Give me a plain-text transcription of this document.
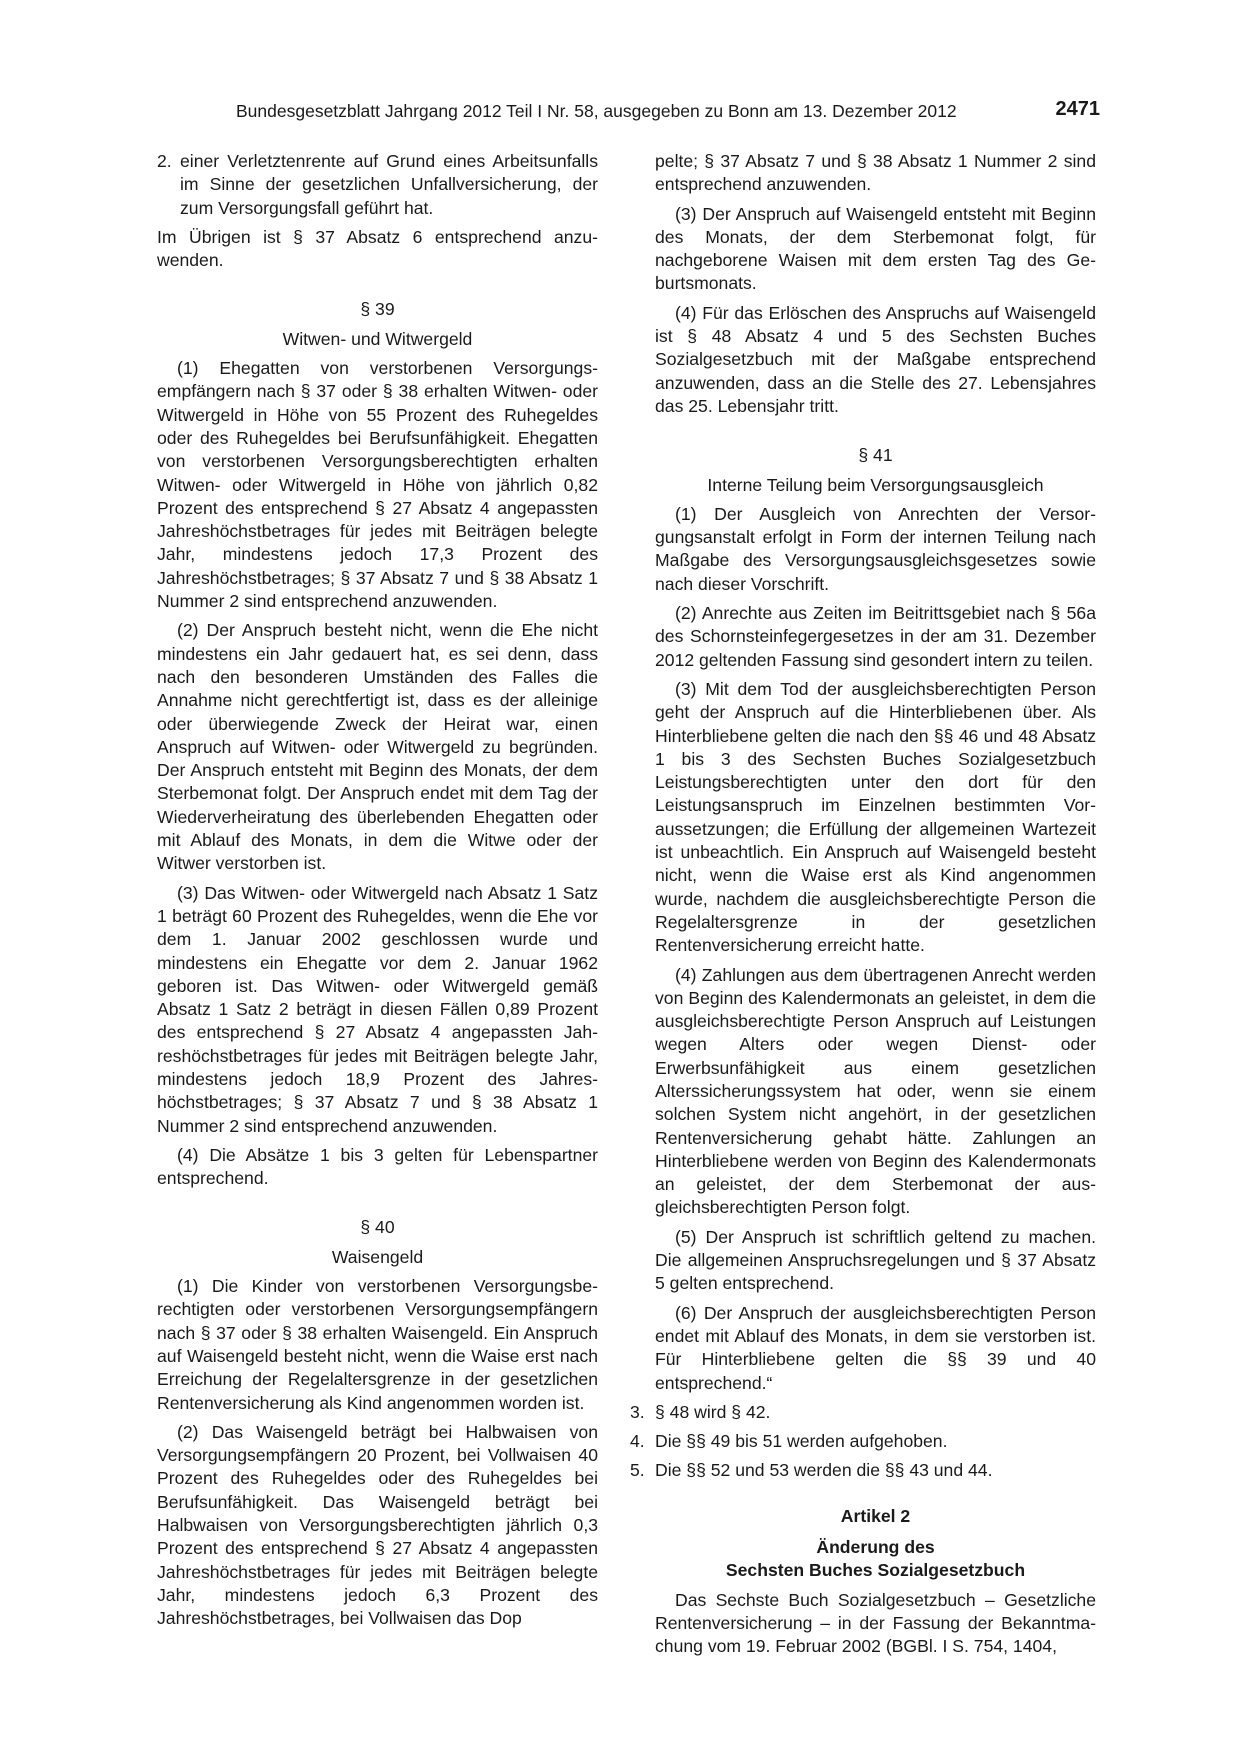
Bundesgesetzblatt Jahrgang 2012 Teil I Nr. 58, ausgegeben zu Bonn am 13. Dezember 2012	2471
2. einer Verletztenrente auf Grund eines Arbeitsunfalls im Sinne der gesetzlichen Unfallversicherung, der zum Versorgungsfall geführt hat.

Im Übrigen ist § 37 Absatz 6 entsprechend anzuwenden.

§ 39
Witwen- und Witwergeld

(1) Ehegatten von verstorbenen Versorgungsempfängern nach § 37 oder § 38 erhalten Witwen- oder Witwergeld in Höhe von 55 Prozent des Ruhegeldes oder des Ruhegeldes bei Berufsunfähigkeit. Ehegatten von verstorbenen Versorgungsberechtigten erhalten Witwen- oder Witwergeld in Höhe von jährlich 0,82 Prozent des entsprechend § 27 Absatz 4 angepassten Jahreshöchstbetrages für jedes mit Beiträgen belegte Jahr, mindestens jedoch 17,3 Prozent des Jahreshöchstbetrages; § 37 Absatz 7 und § 38 Absatz 1 Nummer 2 sind entsprechend anzuwenden.

(2) Der Anspruch besteht nicht, wenn die Ehe nicht mindestens ein Jahr gedauert hat, es sei denn, dass nach den besonderen Umständen des Falles die Annahme nicht gerechtfertigt ist, dass es der alleinige oder überwiegende Zweck der Heirat war, einen Anspruch auf Witwen- oder Witwergeld zu begründen. Der Anspruch entsteht mit Beginn des Monats, der dem Sterbemonat folgt. Der Anspruch endet mit dem Tag der Wiederverheiratung des überlebenden Ehegatten oder mit Ablauf des Monats, in dem die Witwe oder der Witwer verstorben ist.

(3) Das Witwen- oder Witwergeld nach Absatz 1 Satz 1 beträgt 60 Prozent des Ruhegeldes, wenn die Ehe vor dem 1. Januar 2002 geschlossen wurde und mindestens ein Ehegatte vor dem 2. Januar 1962 geboren ist. Das Witwen- oder Witwergeld gemäß Absatz 1 Satz 2 beträgt in diesen Fällen 0,89 Prozent des entsprechend § 27 Absatz 4 angepassten Jahreshöchstbetrages für jedes mit Beiträgen belegte Jahr, mindestens jedoch 18,9 Prozent des Jahreshöchstbetrages; § 37 Absatz 7 und § 38 Absatz 1 Nummer 2 sind entsprechend anzuwenden.

(4) Die Absätze 1 bis 3 gelten für Lebenspartner entsprechend.

§ 40
Waisengeld

(1) Die Kinder von verstorbenen Versorgungsberechtigten oder verstorbenen Versorgungsempfängern nach § 37 oder § 38 erhalten Waisengeld. Ein Anspruch auf Waisengeld besteht nicht, wenn die Waise erst nach Erreichung der Regelaltersgrenze in der gesetzlichen Rentenversicherung als Kind angenommen worden ist.

(2) Das Waisengeld beträgt bei Halbwaisen von Versorgungsempfängern 20 Prozent, bei Vollwaisen 40 Prozent des Ruhegeldes oder des Ruhegeldes bei Berufsunfähigkeit. Das Waisengeld beträgt bei Halbwaisen von Versorgungsberechtigten jährlich 0,3 Prozent des entsprechend § 27 Absatz 4 angepassten Jahreshöchstbetrages für jedes mit Beiträgen belegte Jahr, mindestens jedoch 6,3 Prozent des Jahreshöchstbetrages, bei Vollwaisen das Dop

pelte; § 37 Absatz 7 und § 38 Absatz 1 Nummer 2 sind entsprechend anzuwenden.

(3) Der Anspruch auf Waisengeld entsteht mit Beginn des Monats, der dem Sterbemonat folgt, für nachgeborene Waisen mit dem ersten Tag des Geburtsmonats.

(4) Für das Erlöschen des Anspruchs auf Waisengeld ist § 48 Absatz 4 und 5 des Sechsten Buches Sozialgesetzbuch mit der Maßgabe entsprechend anzuwenden, dass an die Stelle des 27. Lebensjahres das 25. Lebensjahr tritt.

§ 41
Interne Teilung beim Versorgungsausgleich

(1) Der Ausgleich von Anrechten der Versorgungsanstalt erfolgt in Form der internen Teilung nach Maßgabe des Versorgungsausgleichsgesetzes sowie nach dieser Vorschrift.

(2) Anrechte aus Zeiten im Beitrittsgebiet nach § 56a des Schornsteinfegergesetzes in der am 31. Dezember 2012 geltenden Fassung sind gesondert intern zu teilen.

(3) Mit dem Tod der ausgleichsberechtigten Person geht der Anspruch auf die Hinterbliebenen über. Als Hinterbliebene gelten die nach den §§ 46 und 48 Absatz 1 bis 3 des Sechsten Buches Sozialgesetzbuch Leistungsberechtigten unter den dort für den Leistungsanspruch im Einzelnen bestimmten Voraussetzungen; die Erfüllung der allgemeinen Wartezeit ist unbeachtlich. Ein Anspruch auf Waisengeld besteht nicht, wenn die Waise erst als Kind angenommen wurde, nachdem die ausgleichsberechtigte Person die Regelaltersgrenze in der gesetzlichen Rentenversicherung erreicht hatte.

(4) Zahlungen aus dem übertragenen Anrecht werden von Beginn des Kalendermonats an geleistet, in dem die ausgleichsberechtigte Person Anspruch auf Leistungen wegen Alters oder wegen Dienst- oder Erwerbsunfähigkeit aus einem gesetzlichen Alterssicherungssystem hat oder, wenn sie einem solchen System nicht angehört, in der gesetzlichen Rentenversicherung gehabt hätte. Zahlungen an Hinterbliebene werden von Beginn des Kalendermonats an geleistet, der dem Sterbemonat der ausgleichsberechtigten Person folgt.

(5) Der Anspruch ist schriftlich geltend zu machen. Die allgemeinen Anspruchsregelungen und § 37 Absatz 5 gelten entsprechend.

(6) Der Anspruch der ausgleichsberechtigten Person endet mit Ablauf des Monats, in dem sie verstorben ist. Für Hinterbliebene gelten die §§ 39 und 40 entsprechend.“

3. § 48 wird § 42.
4. Die §§ 49 bis 51 werden aufgehoben.
5. Die §§ 52 und 53 werden die §§ 43 und 44.
Artikel 2
Änderung des
Sechsten Buches Sozialgesetzbuch

Das Sechste Buch Sozialgesetzbuch – Gesetzliche Rentenversicherung – in der Fassung der Bekanntmachung vom 19. Februar 2002 (BGBl. I S. 754, 1404,
